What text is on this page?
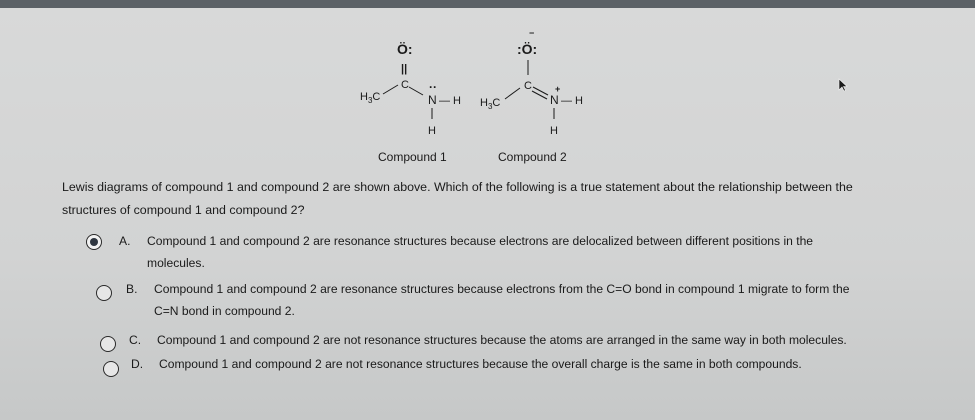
Ö:
||
$H_3C$
C ··
N — H
H
:Ö:
−
$H_3C$
C	+
N — H
H
Compound 1	Compound 2
Lewis diagrams of compound 1 and compound 2 are shown above. Which of the following is a true statement about the relationship between the structures of compound 1 and compound 2?
A. Compound 1 and compound 2 are resonance structures because electrons are delocalized between different positions in the
molecules.
B. Compound 1 and compound 2 are resonance structures because electrons from the C=O bond in compound 1 migrate to form the
C=N bond in compound 2.
C. Compound 1 and compound 2 are not resonance structures because the atoms are arranged in the same way in both molecules.
D. Compound 1 and compound 2 are not resonance structures because the overall charge is the same in both compounds.
